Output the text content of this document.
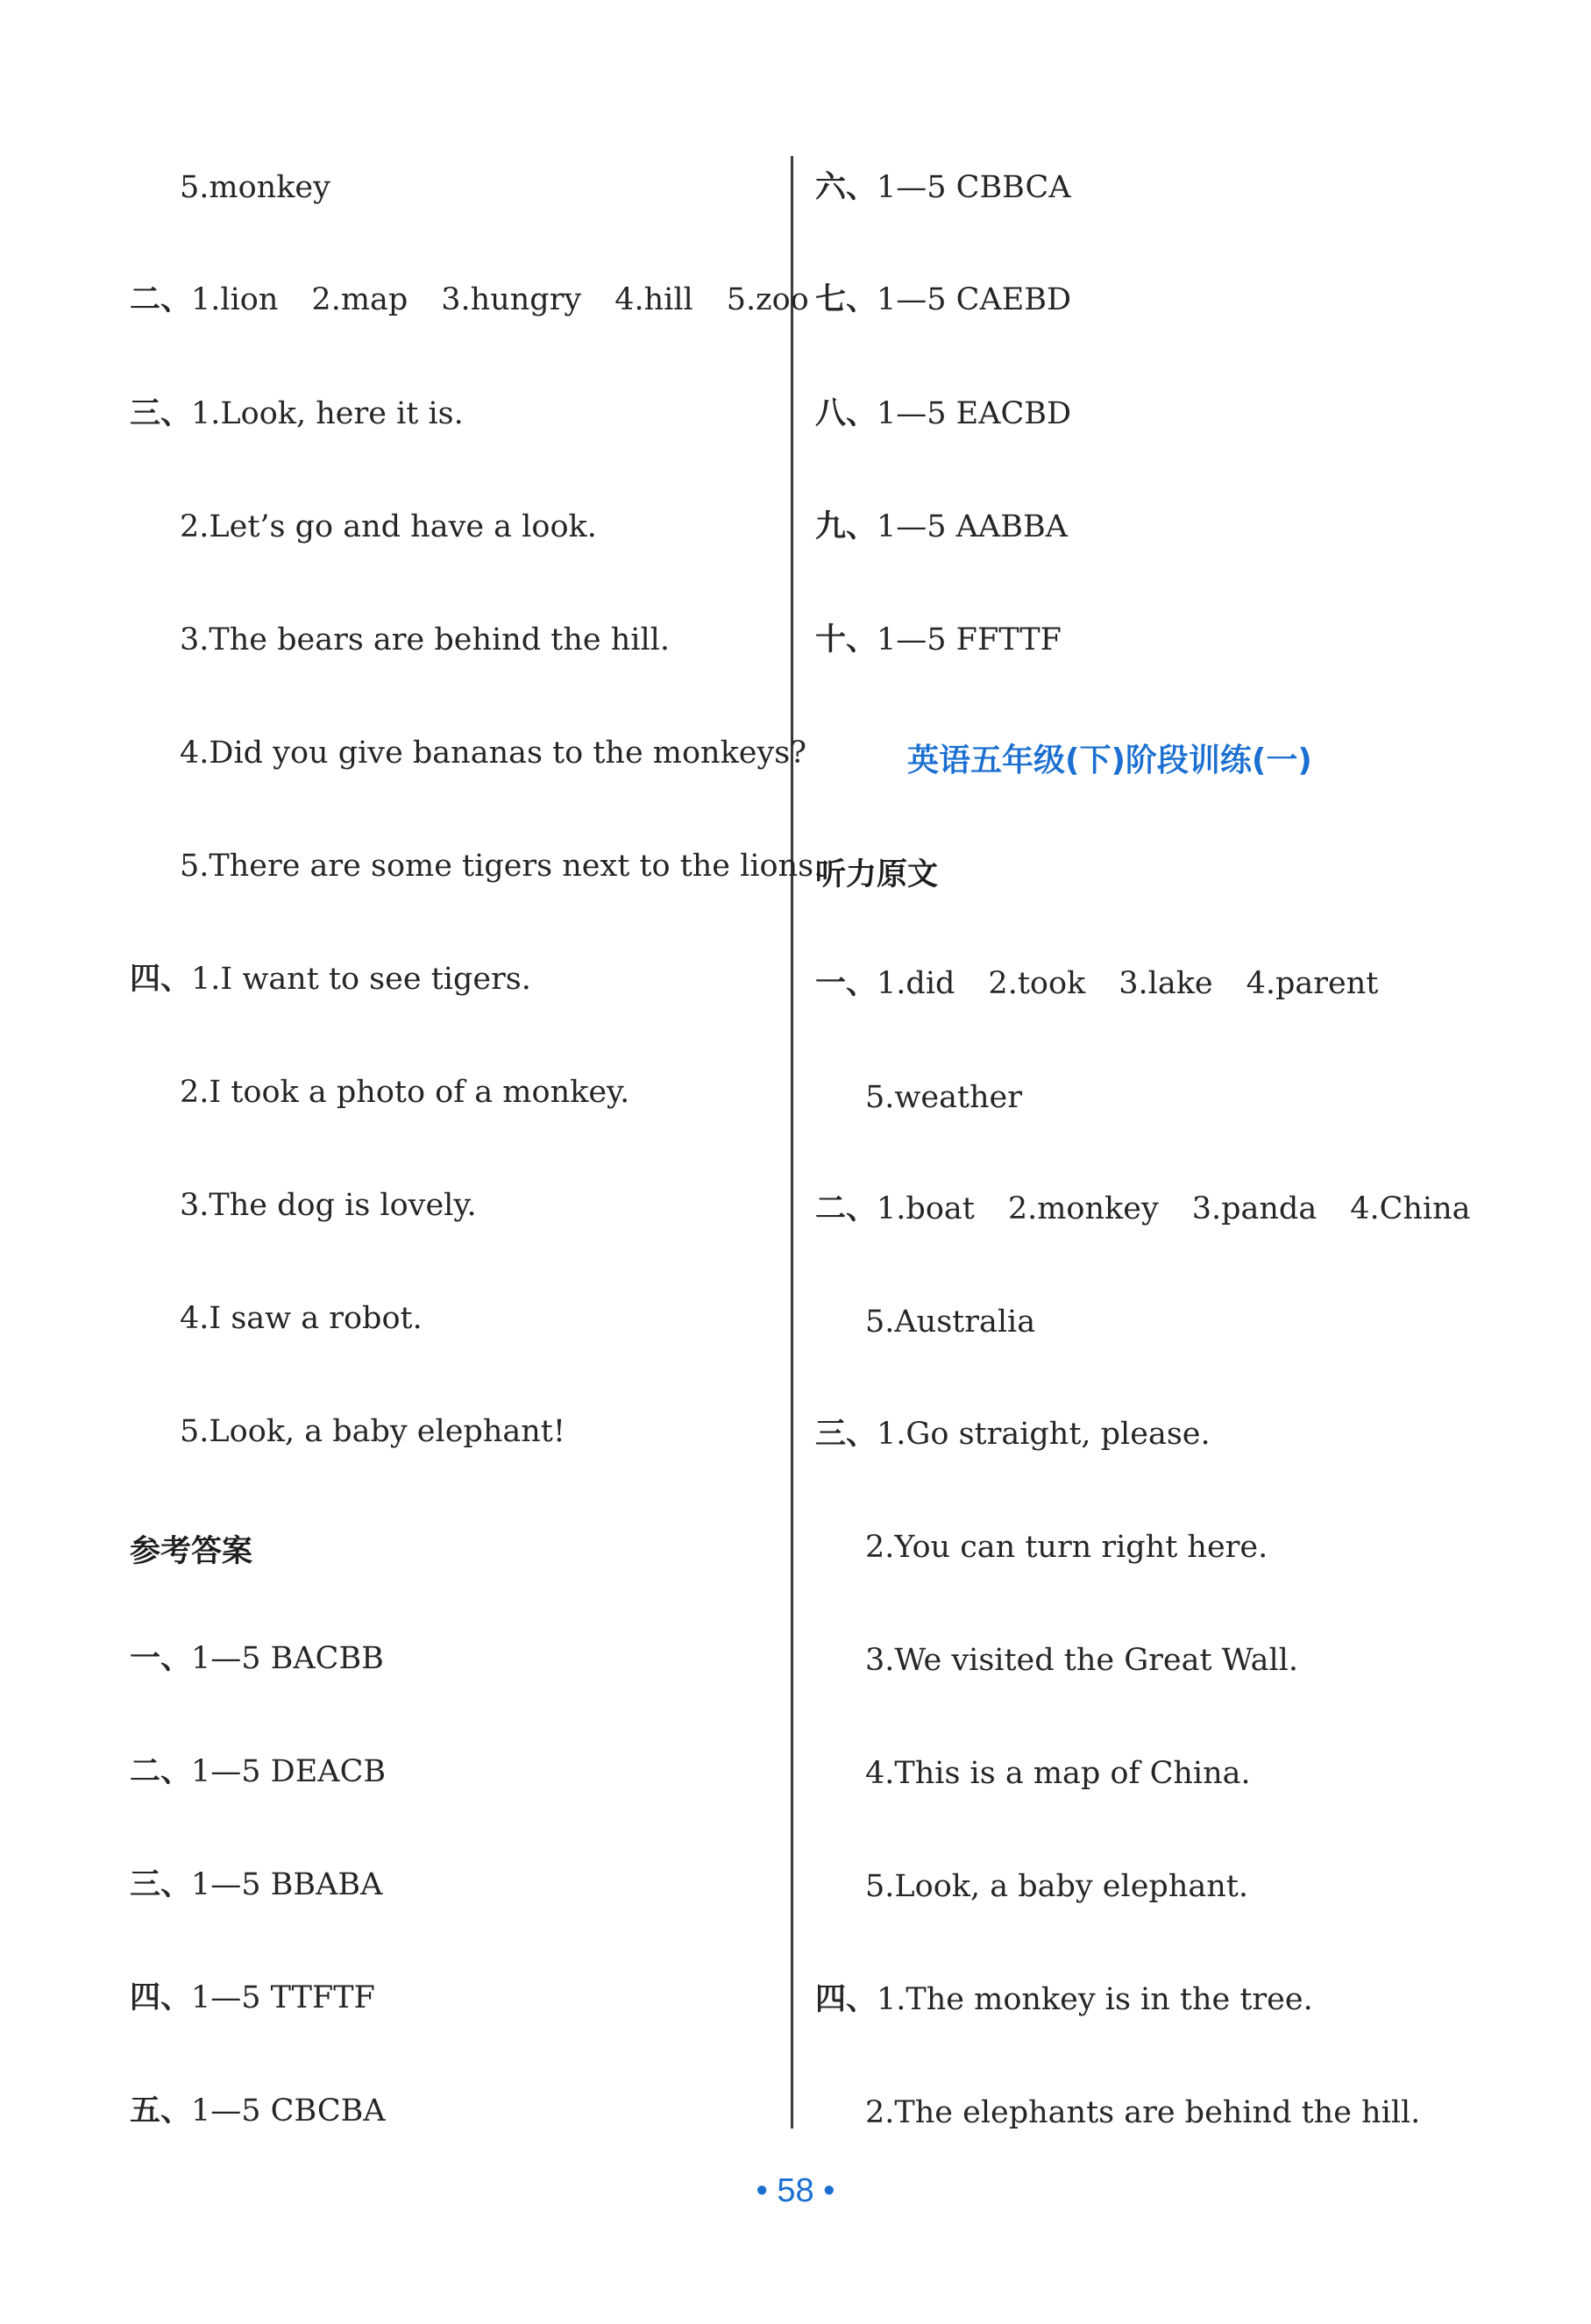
5.monkey
二、1.lion 2.map 3.hungry 4.hill 5.zoo
三、1.Look, here it is.
2.Let’s go and have a look.
3.The bears are behind the hill.
4.Did you give bananas to the monkeys?
5.There are some tigers next to the lions.
四、1.I want to see tigers.
2.I took a photo of a monkey.
3.The dog is lovely.
4.I saw a robot.
5.Look, a baby elephant!
参考答案
一、1—5 BACBB
二、1—5 DEACB
三、1—5 BBABA
四、1—5 TTFTF
五、1—5 CBCBA
六、1—5 CBBCA
七、1—5 CAEBD
八、1—5 EACBD
九、1—5 AABBA
十、1—5 FFTTF
英语五年级(下)阶段训练(一)
听力原文
一、1.did 2.took 3.lake 4.parent
5.weather
二、1.boat 2.monkey 3.panda 4.China
5.Australia
三、1.Go straight, please.
2.You can turn right here.
3.We visited the Great Wall.
4.This is a map of China.
5.Look, a baby elephant.
四、1.The monkey is in the tree.
2.The elephants are behind the hill.
• 58 •
